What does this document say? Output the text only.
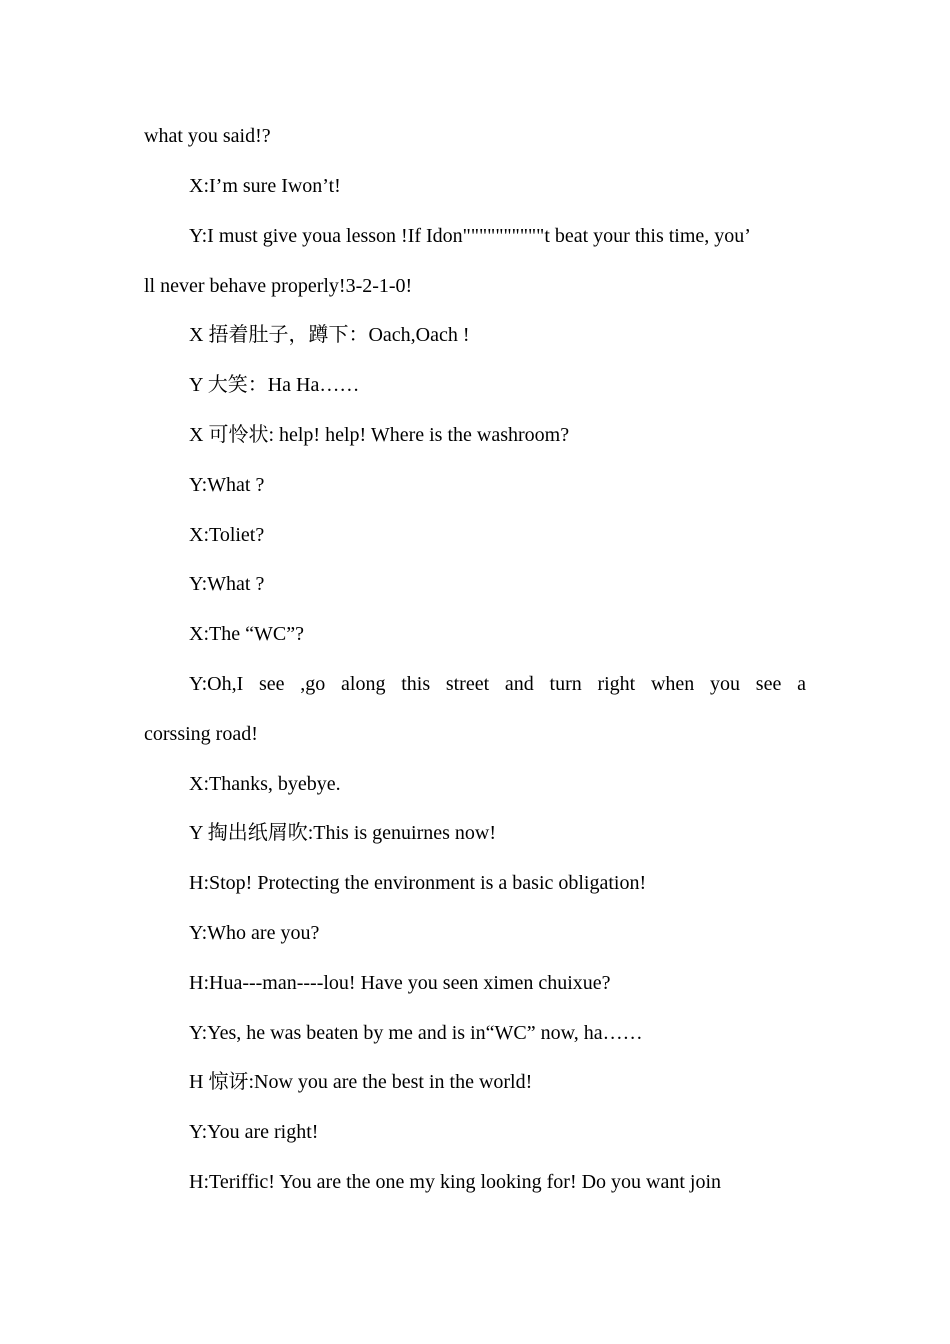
what you said!?
X:I’m sure Iwon’t!
Y:I must give youa lesson !If Idon""""""""""t beat your this time, you’
ll never behave properly!3-2-1-0!
X 捂着肚子，蹲下：Oach,Oach !
Y 大笑：Ha Ha……
X 可怜状: help! help! Where is the washroom?
Y:What ?
X:Toliet?
Y:What ?
X:The “WC”?
Y:Oh,I see ,go along this street and turn right when you see a
corssing road!
X:Thanks, byebye.
Y 掏出纸屑吹:This is genuirnes now!
H:Stop! Protecting the environment is a basic obligation!
Y:Who are you?
H:Hua---man----lou! Have you seen ximen chuixue?
Y:Yes, he was beaten by me and is in“WC” now, ha……
H 惊讶:Now you are the best in the world!
Y:You are right!
H:Teriffic! You are the one my king looking for! Do you want join
